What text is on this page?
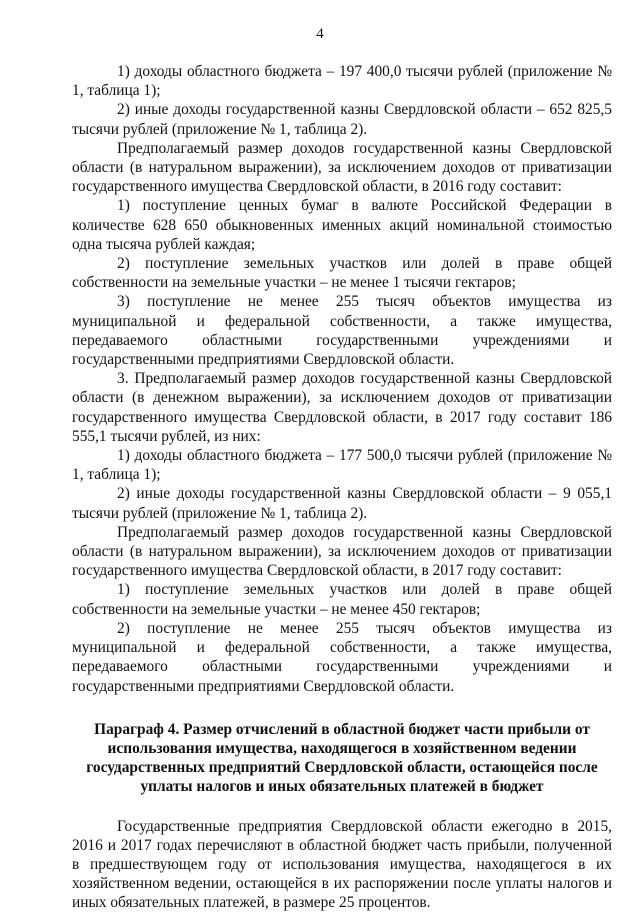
4

1) доходы областного бюджета – 197 400,0 тысячи рублей (приложение № 1, таблица 1);

2) иные доходы государственной казны Свердловской области – 652 825,5 тысячи рублей (приложение № 1, таблица 2).

Предполагаемый размер доходов государственной казны Свердловской области (в натуральном выражении), за исключением доходов от приватизации государственного имущества Свердловской области, в 2016 году составит:

1) поступление ценных бумаг в валюте Российской Федерации в количестве 628 650 обыкновенных именных акций номинальной стоимостью одна тысяча рублей каждая;

2) поступление земельных участков или долей в праве общей собственности на земельные участки – не менее 1 тысячи гектаров;

3) поступление не менее 255 тысяч объектов имущества из муниципальной и федеральной собственности, а также имущества, передаваемого областными государственными учреждениями и государственными предприятиями Свердловской области.

3. Предполагаемый размер доходов государственной казны Свердловской области (в денежном выражении), за исключением доходов от приватизации государственного имущества Свердловской области, в 2017 году составит 186 555,1 тысячи рублей, из них:

1) доходы областного бюджета – 177 500,0 тысячи рублей (приложение № 1, таблица 1);

2) иные доходы государственной казны Свердловской области – 9 055,1 тысячи рублей (приложение № 1, таблица 2).

Предполагаемый размер доходов государственной казны Свердловской области (в натуральном выражении), за исключением доходов от приватизации государственного имущества Свердловской области, в 2017 году составит:

1) поступление земельных участков или долей в праве общей собственности на земельные участки – не менее 450 гектаров;

2) поступление не менее 255 тысяч объектов имущества из муниципальной и федеральной собственности, а также имущества, передаваемого областными государственными учреждениями и государственными предприятиями Свердловской области.

Параграф 4. Размер отчислений в областной бюджет части прибыли от использования имущества, находящегося в хозяйственном ведении государственных предприятий Свердловской области, остающейся после уплаты налогов и иных обязательных платежей в бюджет

Государственные предприятия Свердловской области ежегодно в 2015, 2016 и 2017 годах перечисляют в областной бюджет часть прибыли, полученной в предшествующем году от использования имущества, находящегося в их хозяйственном ведении, остающейся в их распоряжении после уплаты налогов и иных обязательных платежей, в размере 25 процентов.
